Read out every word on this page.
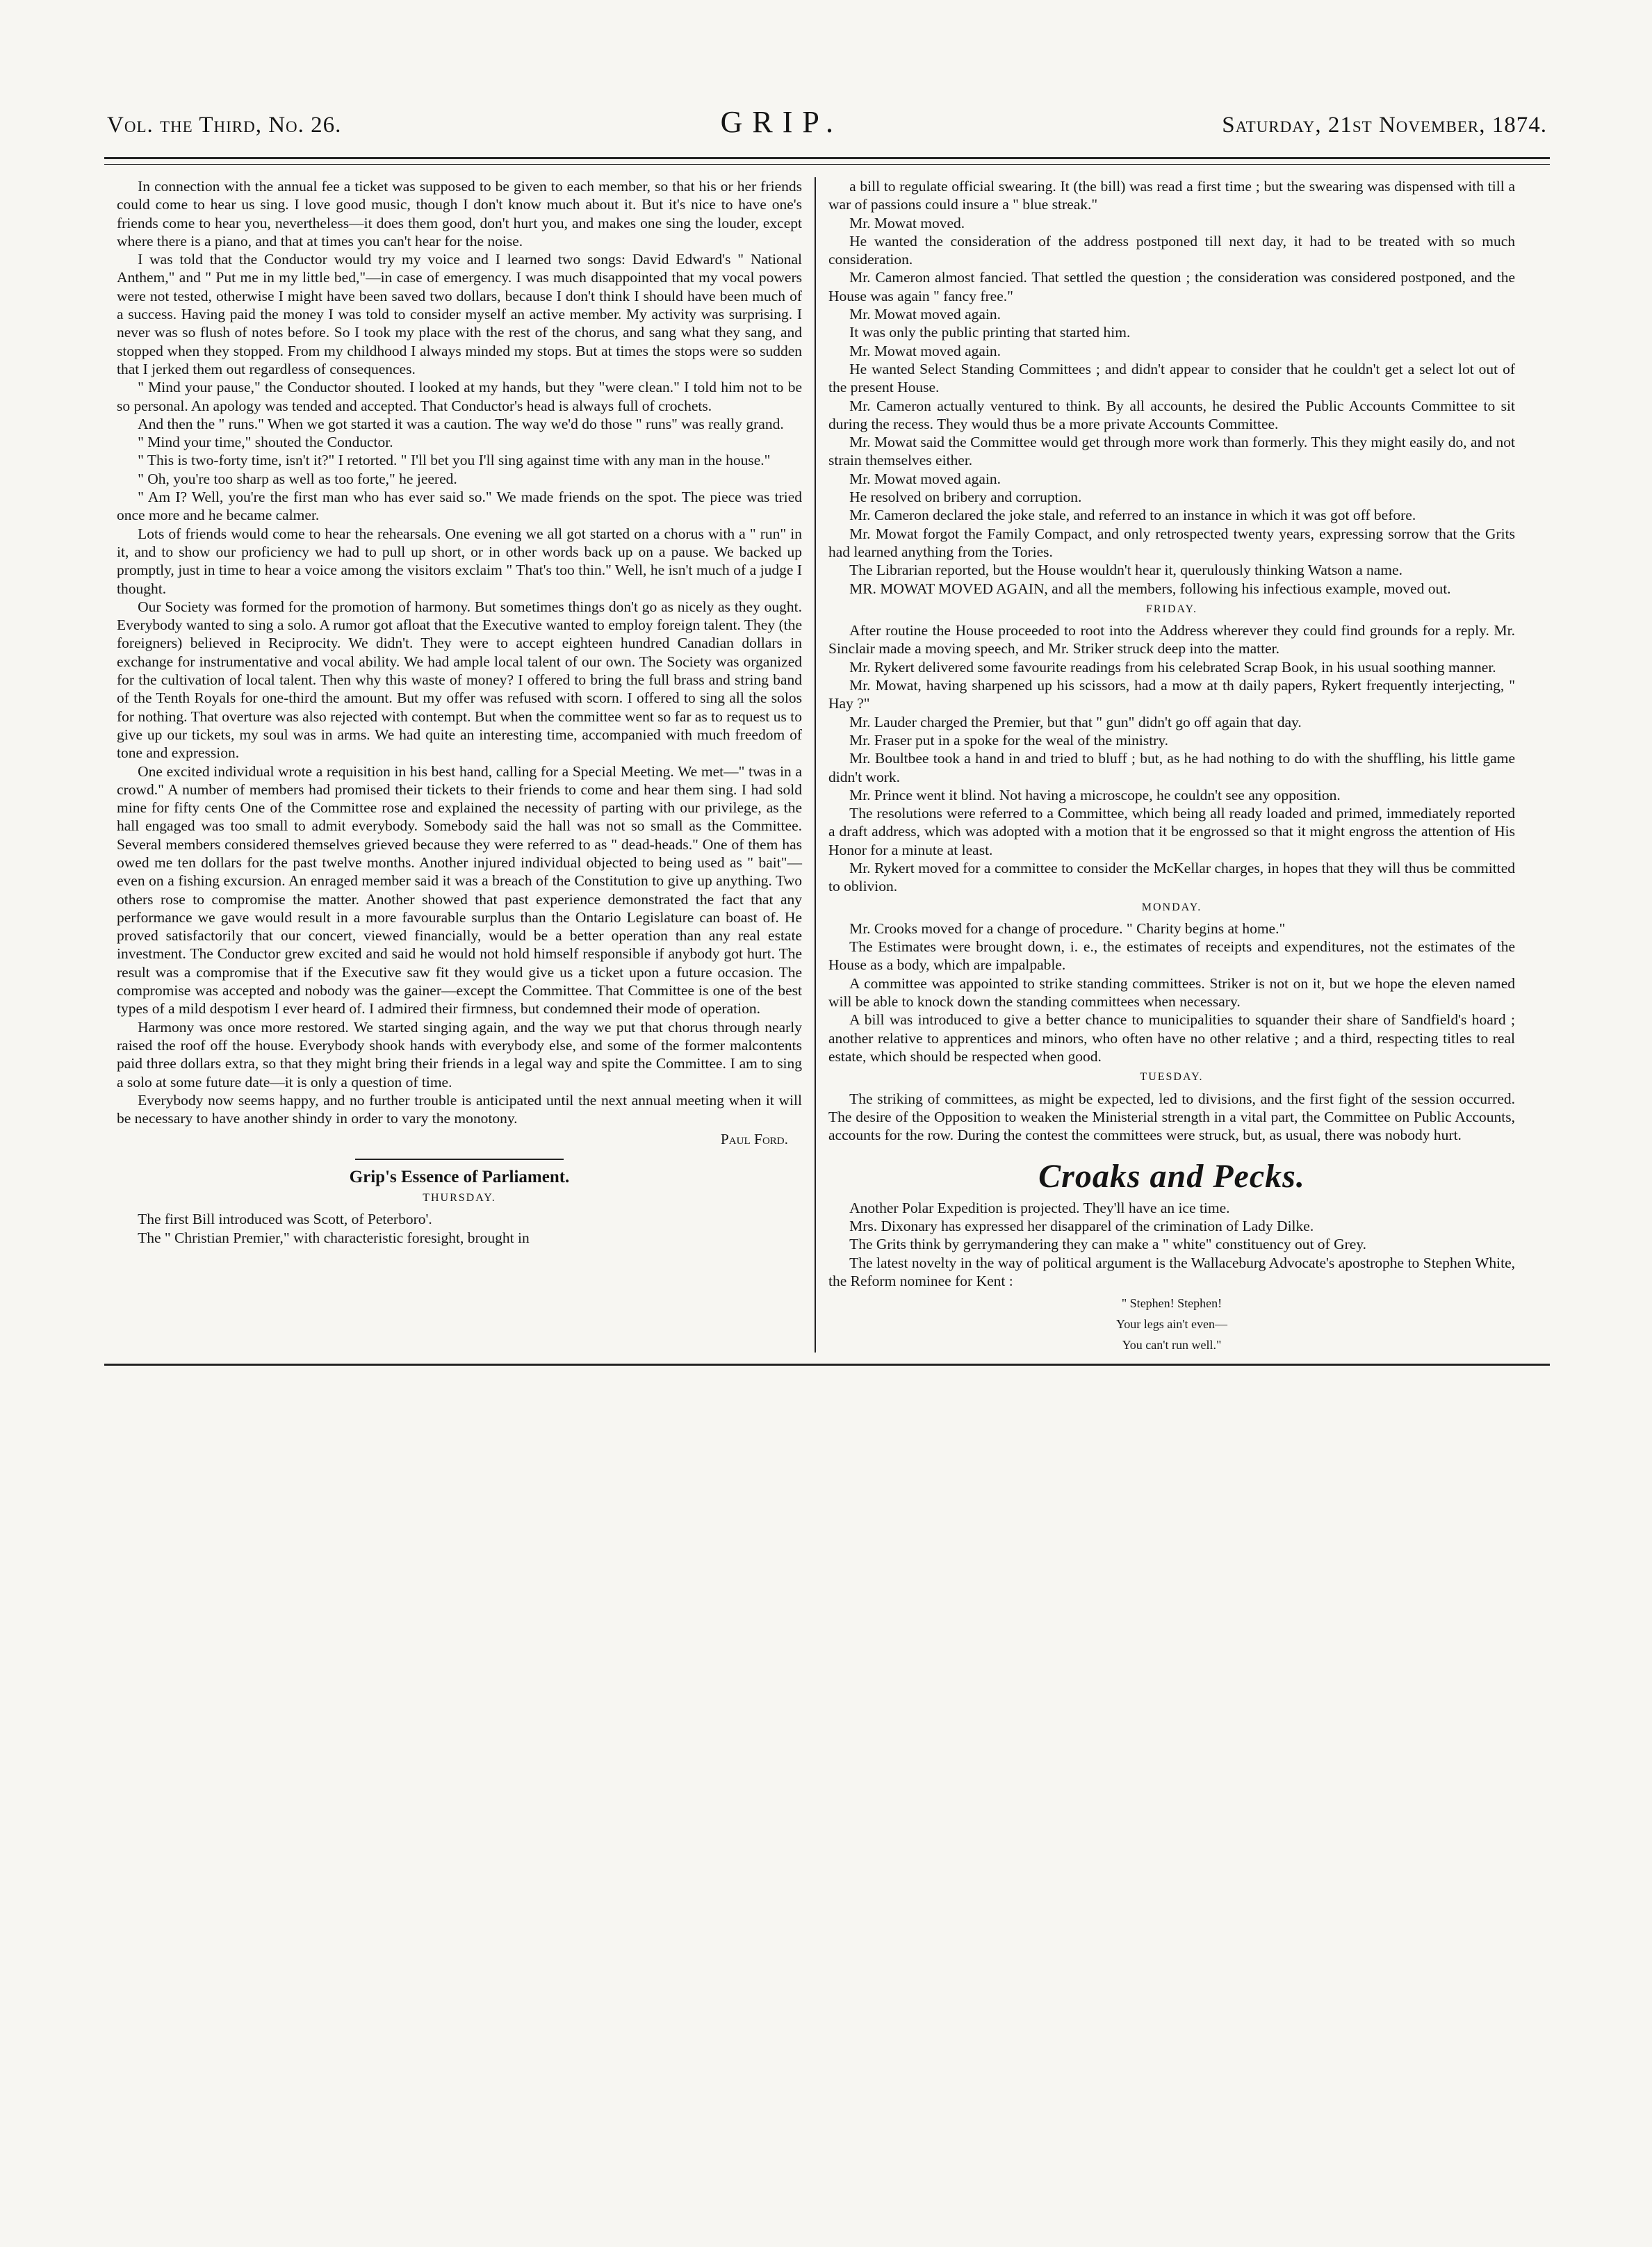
Vol. the Third, No. 26.	GRIP.	Saturday, 21st November, 1874.

In connection with the annual fee a ticket was supposed to be given to each member, so that his or her friends could come to hear us sing. I love good music, though I don't know much about it. But it's nice to have one's friends come to hear you, nevertheless—it does them good, don't hurt you, and makes one sing the louder, except where there is a piano, and that at times you can't hear for the noise.

I was told that the Conductor would try my voice and I learned two songs: David Edward's " National Anthem," and " Put me in my little bed,"—in case of emergency. I was much disappointed that my vocal powers were not tested, otherwise I might have been saved two dollars, because I don't think I should have been much of a success. Having paid the money I was told to consider myself an active member. My activity was surprising. I never was so flush of notes before. So I took my place with the rest of the chorus, and sang what they sang, and stopped when they stopped. From my childhood I always minded my stops. But at times the stops were so sudden that I jerked them out regardless of consequences.

" Mind your pause," the Conductor shouted. I looked at my hands, but they "were clean." I told him not to be so personal. An apology was tended and accepted. That Conductor's head is always full of crochets.

And then the " runs." When we got started it was a caution. The way we'd do those " runs" was really grand.

" Mind your time," shouted the Conductor.

" This is two-forty time, isn't it?" I retorted. " I'll bet you I'll sing against time with any man in the house."

" Oh, you're too sharp as well as too forte," he jeered.

" Am I? Well, you're the first man who has ever said so." We made friends on the spot. The piece was tried once more and he became calmer.

Lots of friends would come to hear the rehearsals. One evening we all got started on a chorus with a " run" in it, and to show our proficiency we had to pull up short, or in other words back up on a pause. We backed up promptly, just in time to hear a voice among the visitors exclaim " That's too thin." Well, he isn't much of a judge I thought.

Our Society was formed for the promotion of harmony. But sometimes things don't go as nicely as they ought. Everybody wanted to sing a solo. A rumor got afloat that the Executive wanted to employ foreign talent. They (the foreigners) believed in Reciprocity. We didn't. They were to accept eighteen hundred Canadian dollars in exchange for instrumentative and vocal ability. We had ample local talent of our own. The Society was organized for the cultivation of local talent. Then why this waste of money? I offered to bring the full brass and string band of the Tenth Royals for one-third the amount. But my offer was refused with scorn. I offered to sing all the solos for nothing. That overture was also rejected with contempt. But when the committee went so far as to request us to give up our tickets, my soul was in arms. We had quite an interesting time, accompanied with much freedom of tone and expression.

One excited individual wrote a requisition in his best hand, calling for a Special Meeting. We met—" twas in a crowd." A number of members had promised their tickets to their friends to come and hear them sing. I had sold mine for fifty cents One of the Committee rose and explained the necessity of parting with our privilege, as the hall engaged was too small to admit everybody. Somebody said the hall was not so small as the Committee. Several members considered themselves grieved because they were referred to as " dead-heads." One of them has owed me ten dollars for the past twelve months. Another injured individual objected to being used as " bait"—even on a fishing excursion. An enraged member said it was a breach of the Constitution to give up anything. Two others rose to compromise the matter. Another showed that past experience demonstrated the fact that any performance we gave would result in a more favourable surplus than the Ontario Legislature can boast of. He proved satisfactorily that our concert, viewed financially, would be a better operation than any real estate investment. The Conductor grew excited and said he would not hold himself responsible if anybody got hurt. The result was a compromise that if the Executive saw fit they would give us a ticket upon a future occasion. The compromise was accepted and nobody was the gainer—except the Committee. That Committee is one of the best types of a mild despotism I ever heard of. I admired their firmness, but condemned their mode of operation.

Harmony was once more restored. We started singing again, and the way we put that chorus through nearly raised the roof off the house. Everybody shook hands with everybody else, and some of the former malcontents paid three dollars extra, so that they might bring their friends in a legal way and spite the Committee. I am to sing a solo at some future date—it is only a question of time.

Everybody now seems happy, and no further trouble is anticipated until the next annual meeting when it will be necessary to have another shindy in order to vary the monotony.

Paul Ford.

Grip's Essence of Parliament.
THURSDAY.

The first Bill introduced was Scott, of Peterboro'.

The " Christian Premier," with characteristic foresight, brought in

a bill to regulate official swearing. It (the bill) was read a first time ; but the swearing was dispensed with till a war of passions could insure a " blue streak."

Mr. Mowat moved.

He wanted the consideration of the address postponed till next day, it had to be treated with so much consideration.

Mr. Cameron almost fancied. That settled the question ; the consideration was considered postponed, and the House was again " fancy free."

Mr. Mowat moved again.

It was only the public printing that started him.

Mr. Mowat moved again.

He wanted Select Standing Committees ; and didn't appear to consider that he couldn't get a select lot out of the present House.

Mr. Cameron actually ventured to think. By all accounts, he desired the Public Accounts Committee to sit during the recess. They would thus be a more private Accounts Committee.

Mr. Mowat said the Committee would get through more work than formerly. This they might easily do, and not strain themselves either.

Mr. Mowat moved again.

He resolved on bribery and corruption.

Mr. Cameron declared the joke stale, and referred to an instance in which it was got off before.

Mr. Mowat forgot the Family Compact, and only retrospected twenty years, expressing sorrow that the Grits had learned anything from the Tories.

The Librarian reported, but the House wouldn't hear it, querulously thinking Watson a name.

MR. MOWAT MOVED AGAIN, and all the members, following his infectious example, moved out.

FRIDAY.

After routine the House proceeded to root into the Address wherever they could find grounds for a reply. Mr. Sinclair made a moving speech, and Mr. Striker struck deep into the matter.

Mr. Rykert delivered some favourite readings from his celebrated Scrap Book, in his usual soothing manner.

Mr. Mowat, having sharpened up his scissors, had a mow at th daily papers, Rykert frequently interjecting, " Hay ?"

Mr. Lauder charged the Premier, but that " gun" didn't go off again that day.

Mr. Fraser put in a spoke for the weal of the ministry.

Mr. Boultbee took a hand in and tried to bluff ; but, as he had nothing to do with the shuffling, his little game didn't work.

Mr. Prince went it blind. Not having a microscope, he couldn't see any opposition.

The resolutions were referred to a Committee, which being all ready loaded and primed, immediately reported a draft address, which was adopted with a motion that it be engrossed so that it might engross the attention of His Honor for a minute at least.

Mr. Rykert moved for a committee to consider the McKellar charges, in hopes that they will thus be committed to oblivion.

MONDAY.

Mr. Crooks moved for a change of procedure. " Charity begins at home."

The Estimates were brought down, i. e., the estimates of receipts and expenditures, not the estimates of the House as a body, which are impalpable.

A committee was appointed to strike standing committees. Striker is not on it, but we hope the eleven named will be able to knock down the standing committees when necessary.

A bill was introduced to give a better chance to municipalities to squander their share of Sandfield's hoard ; another relative to apprentices and minors, who often have no other relative ; and a third, respecting titles to real estate, which should be respected when good.

TUESDAY.

The striking of committees, as might be expected, led to divisions, and the first fight of the session occurred. The desire of the Opposition to weaken the Ministerial strength in a vital part, the Committee on Public Accounts, accounts for the row. During the contest the committees were struck, but, as usual, there was nobody hurt.

Croaks and Pecks.

Another Polar Expedition is projected. They'll have an ice time.

Mrs. Dixonary has expressed her disapparel of the crimination of Lady Dilke.

The Grits think by gerrymandering they can make a " white" constituency out of Grey.

The latest novelty in the way of political argument is the Wallaceburg Advocate's apostrophe to Stephen White, the Reform nominee for Kent :

" Stephen! Stephen!
Your legs ain't even—
You can't run well."
